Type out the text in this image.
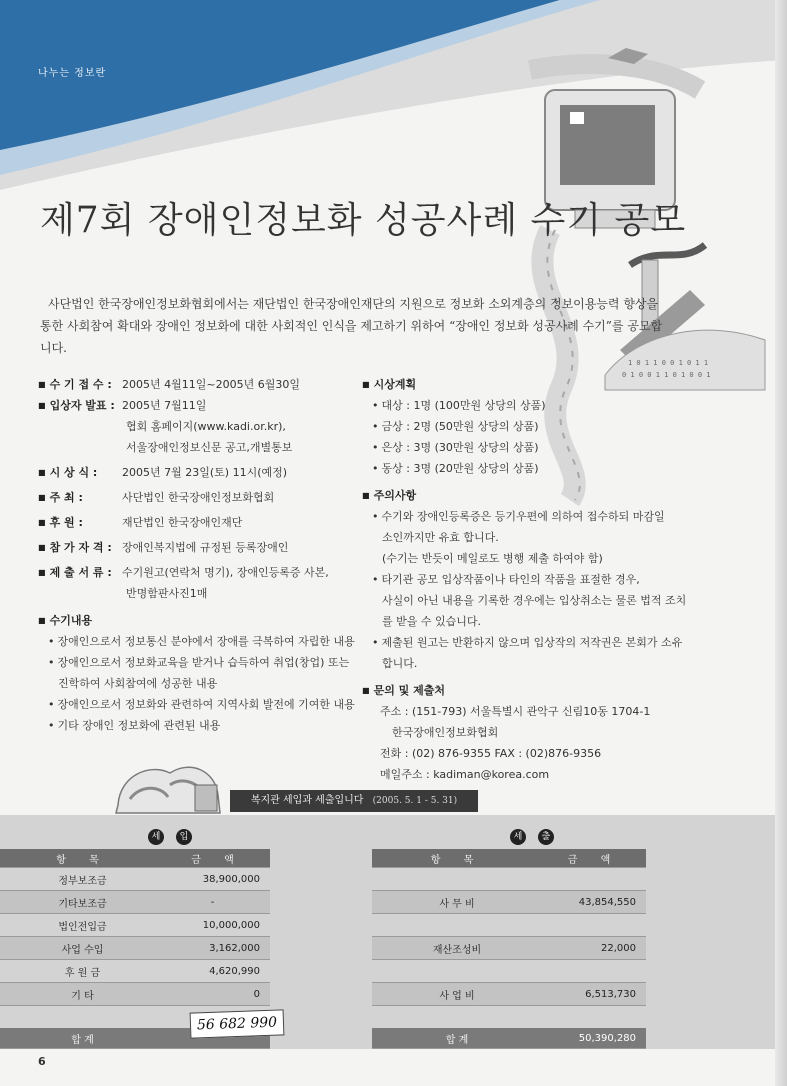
나누는 정보란
1 0 1 1 0 0 1 0 1 1
0 1 0 0 1 1 0 1 0 0 1
제7회 장애인정보화 성공사례 수기 공모
사단법인 한국장애인정보화협회에서는 재단법인 한국장애인재단의 지원으로 정보화 소외계층의 정보이용능력 향상을 통한 사회참여 확대와 장애인 정보화에 대한 사회적인 인식을 제고하기 위하여 “장애인 정보화 성공사례 수기”를 공모합니다.
■ 수 기 접 수 : 2005년 4월11일~2005년 6월30일
■ 입상자 발표 : 2005년 7월11일
협회 홈페이지(www.kadi.or.kr),
서울장애인정보신문 공고,개별통보
■ 시 상 식 :	2005년 7월 23일(토) 11시(예정)
■ 주 최 :	사단법인 한국장애인정보화협회
■ 후 원 :	재단법인 한국장애인재단
■ 참 가 자 격 : 장애인복지법에 규정된 등록장애인
■ 제 출 서 류 : 수기원고(연락처 명기), 장애인등록증 사본,
반명함판사진1매
■ 수기내용
• 장애인으로서 정보통신 분야에서 장애를 극복하여 자립한 내용
• 장애인으로서 정보화교육을 받거나 습득하여 취업(창업) 또는
진학하여 사회참여에 성공한 내용
• 장애인으로서 정보화와 관련하여 지역사회 발전에 기여한 내용
• 기타 장애인 정보화에 관련된 내용
■ 시상계획
• 대상 : 1명 (100만원 상당의 상품)
• 금상 : 2명 (50만원 상당의 상품)
• 은상 : 3명 (30만원 상당의 상품)
• 동상 : 3명 (20만원 상당의 상품)
■ 주의사항
• 수기와 장애인등록증은 등기우편에 의하여 접수하되 마감일
소인까지만 유효 합니다.
(수기는 반듯이 메일로도 병행 제출 하여야 함)
• 타기관 공모 입상작품이나 타인의 작품을 표절한 경우,
사실이 아닌 내용을 기록한 경우에는 입상취소는 물론 법적 조치
를 받을 수 있습니다.
• 제출된 원고는 반환하지 않으며 입상작의 저작권은 본회가 소유
합니다.
■ 문의 및 제출처
주소 : (151-793) 서울특별시 관악구 신림10동 1704-1
한국장애인정보화협회
전화 : (02) 876-9355 FAX : (02)876-9356
메일주소 : kadiman@korea.com
복지관 세입과 세출입니다 (2005. 5. 1 - 5. 31)
세	입	세	출
항 목	금 액		항 목	금 액	
정부보조금	38,900,000				
기타보조금	-		사 무 비	43,854,550	
법인전입금	10,000,000				
사업 수입	3,162,000		재산조성비	22,000	
후 원 금	4,620,990				
기 타	0		사 업 비	6,513,730	

합 계			합 계	50,390,280	
56 682 990
6
